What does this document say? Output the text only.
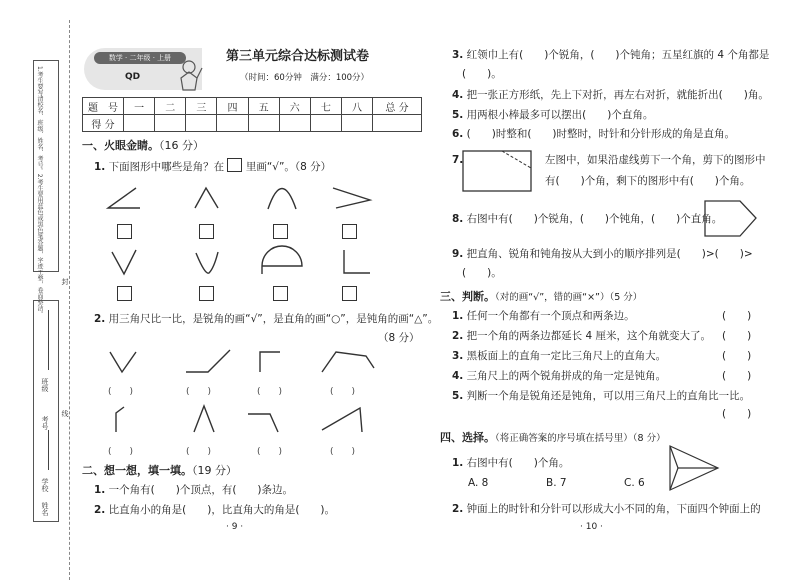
1.考生要写清校名、班级、姓名、考号。2.考生要用蓝色或黑色笔答题，字迹工整，卷面整洁。	封
班级
考号
线
学校
姓名
数学 · 二年级 · 上册
QD
第三单元综合达标测试卷
（时间：60分钟　满分：100分）
题　号	一	二	三	四	五	六	七	八	总 分
得 分									
一、火眼金睛。（16 分）
1. 下面图形中哪些是角？在 里画“√”。（8 分）
2. 用三角尺比一比，是锐角的画“√”，是直角的画“○”，是钝角的画“△”。
（8 分）
(　　)	(　　)	(　　)	(　　)
(　　)	(　　)	(　　)	(　　)
二、想一想，填一填。（19 分）
1. 一个角有(　　)个顶点，有(　　)条边。
2. 比直角小的角是(　　)，比直角大的角是(　　)。
· 9 ·
3. 红领巾上有(　　)个锐角，(　　)个钝角；五星红旗的 4 个角都是
(　　)。
4. 把一张正方形纸，先上下对折，再左右对折，就能折出(　　)角。
5. 用两根小棒最多可以摆出(　　)个直角。
6. (　　)时整和(　　)时整时，时针和分针形成的角是直角。
7.	左图中，如果沿虚线剪下一个角，剪下的图形中
有(　　)个角，剩下的图形中有(　　)个角。
8. 右图中有(　　)个锐角，(　　)个钝角，(　　)个直角。
9. 把直角、锐角和钝角按从大到小的顺序排列是(　　)>(　　)>
(　　)。
三、判断。（对的画“√”，错的画“×”）（5 分）
1. 任何一个角都有一个顶点和两条边。	(　　)
2. 把一个角的两条边都延长 4 厘米，这个角就变大了。 (　　)
3. 黑板面上的直角一定比三角尺上的直角大。	(　　)
4. 三角尺上的两个锐角拼成的角一定是钝角。	(　　)
5. 判断一个角是锐角还是钝角，可以用三角尺上的直角比一比。
(　　)
四、选择。（将正确答案的序号填在括号里）（8 分）
1. 右图中有(　　)个角。
A. 8	B. 7	C. 6
2. 钟面上的时针和分针可以形成大小不同的角，下面四个钟面上的
· 10 ·
